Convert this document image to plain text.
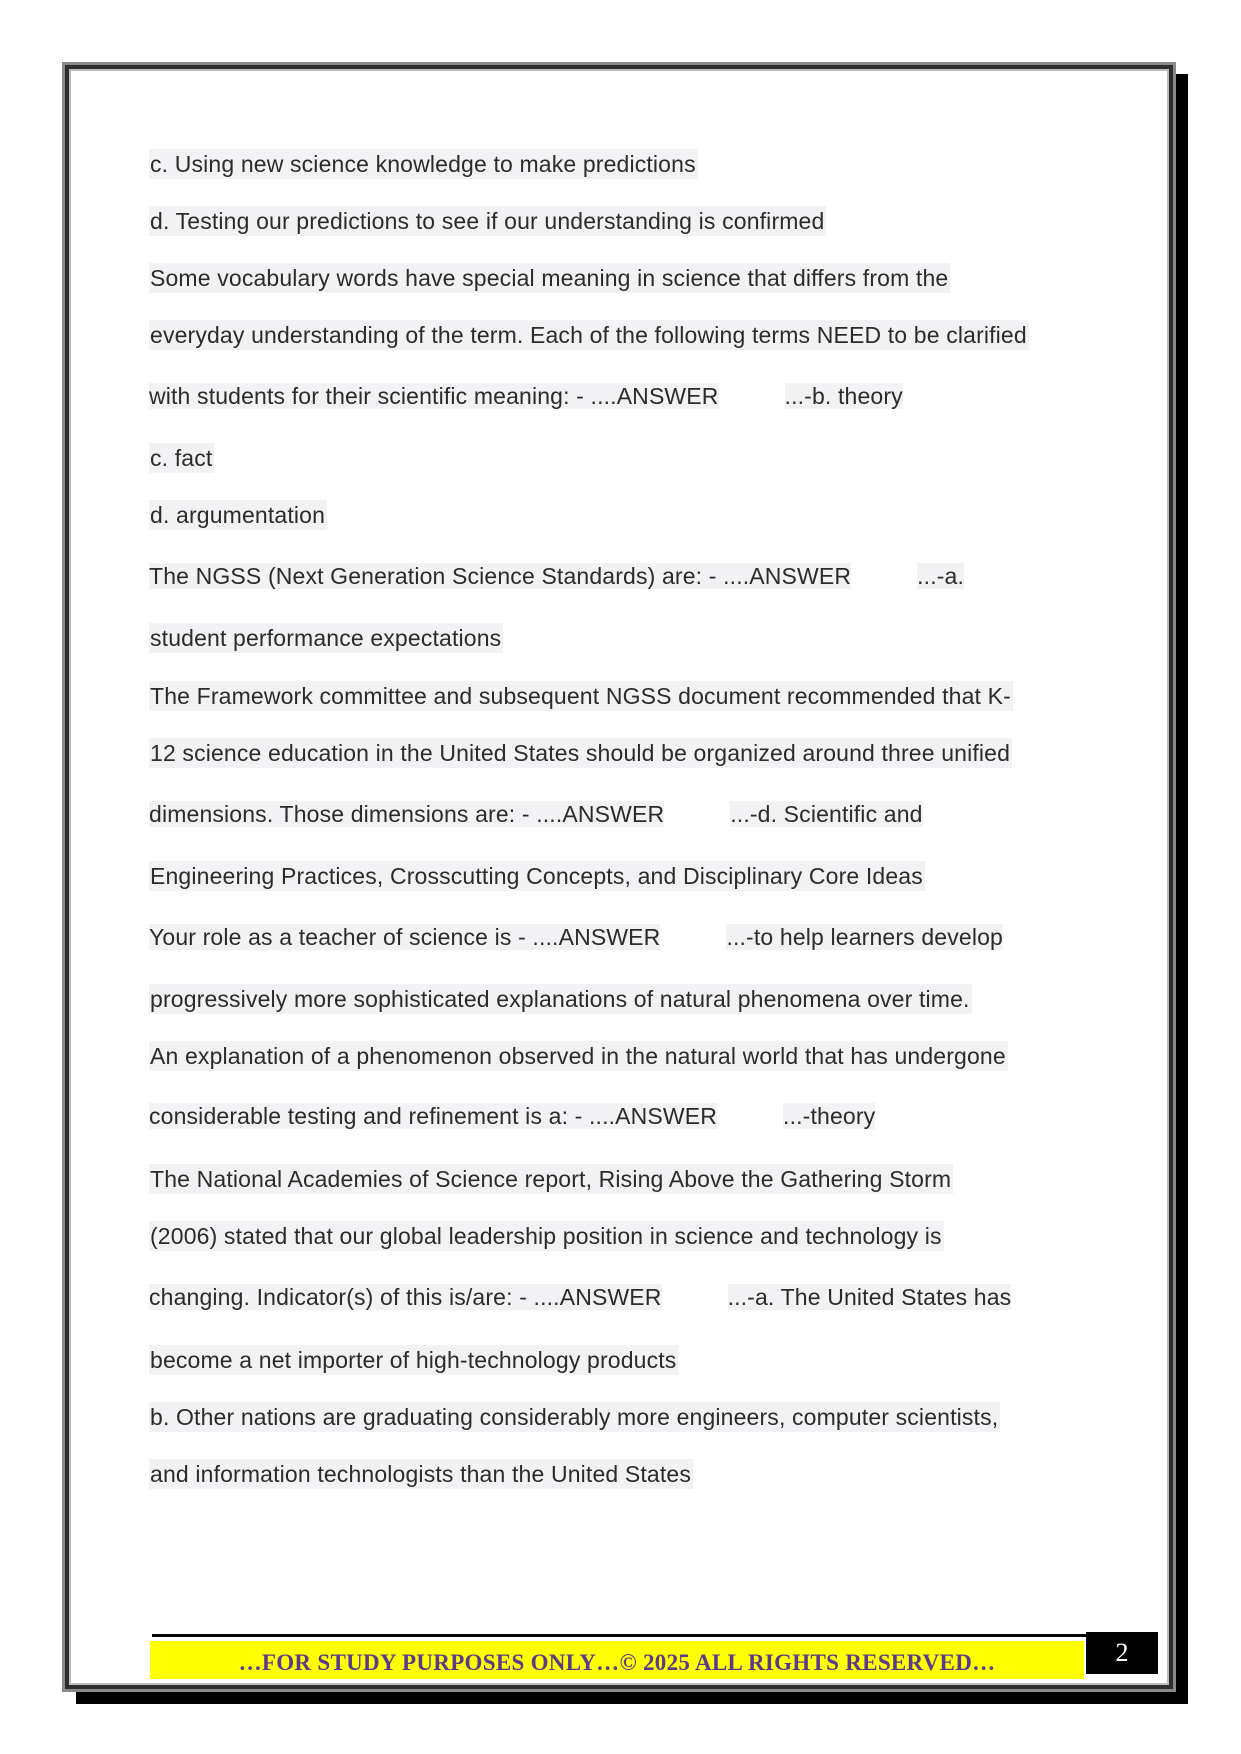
c. Using new science knowledge to make predictions
d. Testing our predictions to see if our understanding is confirmed
Some vocabulary words have special meaning in science that differs from the
everyday understanding of the term. Each of the following terms NEED to be clarified
with students for their scientific meaning: - ....ANSWER	...-b. theory
c. fact
d. argumentation
The NGSS (Next Generation Science Standards) are: - ....ANSWER	...-a.
student performance expectations
The Framework committee and subsequent NGSS document recommended that K-
12 science education in the United States should be organized around three unified
dimensions. Those dimensions are: - ....ANSWER	...-d. Scientific and
Engineering Practices, Crosscutting Concepts, and Disciplinary Core Ideas
Your role as a teacher of science is - ....ANSWER	...-to help learners develop
progressively more sophisticated explanations of natural phenomena over time.
An explanation of a phenomenon observed in the natural world that has undergone
considerable testing and refinement is a: - ....ANSWER	...-theory
The National Academies of Science report, Rising Above the Gathering Storm
(2006) stated that our global leadership position in science and technology is
changing. Indicator(s) of this is/are: - ....ANSWER	...-a. The United States has
become a net importer of high-technology products
b. Other nations are graduating considerably more engineers, computer scientists,
and information technologists than the United States
…FOR STUDY PURPOSES ONLY…© 2025 ALL RIGHTS RESERVED…	2
